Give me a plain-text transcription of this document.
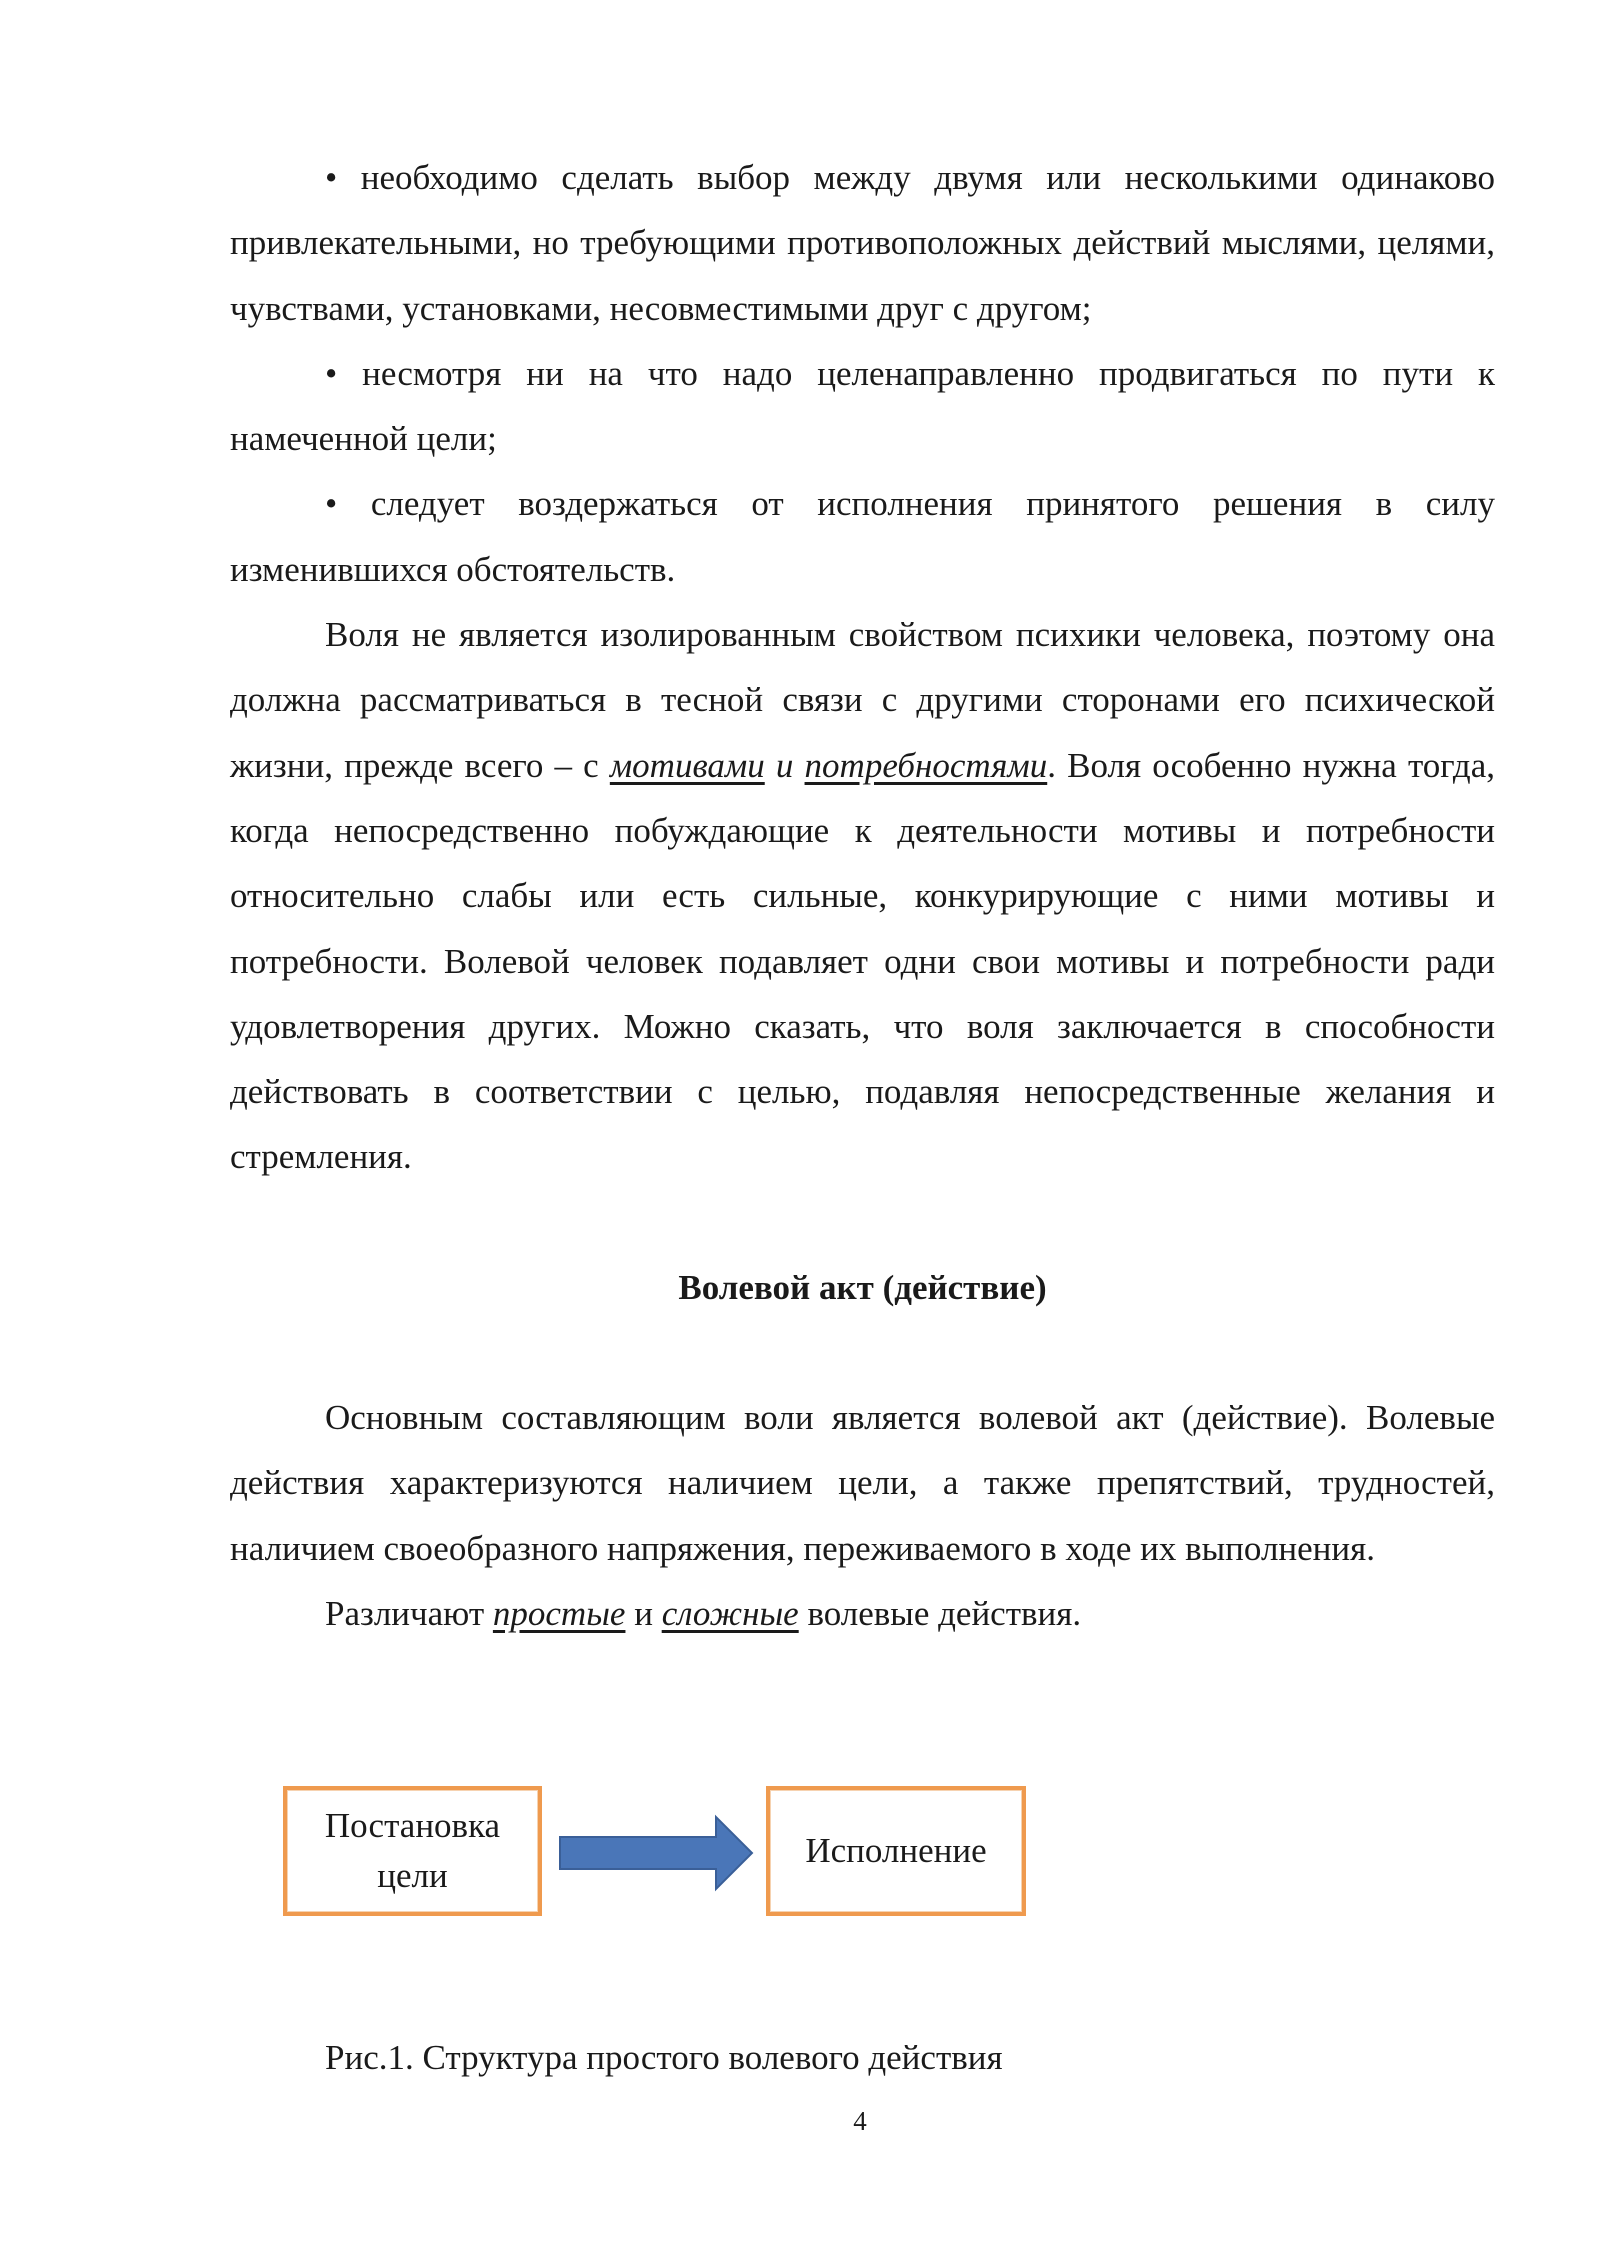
• необходимо сделать выбор между двумя или несколькими одинаково привлекательными, но требующими противоположных действий мыслями, целями, чувствами, установками, несовместимыми друг с другом;

• несмотря ни на что надо целенаправленно продвигаться по пути к намеченной цели;

• следует воздержаться от исполнения принятого решения в силу изменившихся обстоятельств.

Воля не является изолированным свойством психики человека, поэтому она должна рассматриваться в тесной связи с другими сторонами его психической жизни, прежде всего – с мотивами и потребностями. Воля особенно нужна тогда, когда непосредственно побуждающие к деятельности мотивы и потребности относительно слабы или есть сильные, конкурирующие с ними мотивы и потребности. Волевой человек подавляет одни свои мотивы и потребности ради удовлетворения других. Можно сказать, что воля заключается в способности действовать в соответствии с целью, подавляя непосредственные желания и стремления.

Волевой акт (действие)

Основным составляющим воли является волевой акт (действие). Волевые действия характеризуются наличием цели, а также препятствий, трудностей, наличием своеобразного напряжения, переживаемого в ходе их выполнения.

Различают простые и сложные волевые действия.

Постановка цели
Исполнение

Рис.1. Структура простого волевого действия

4
